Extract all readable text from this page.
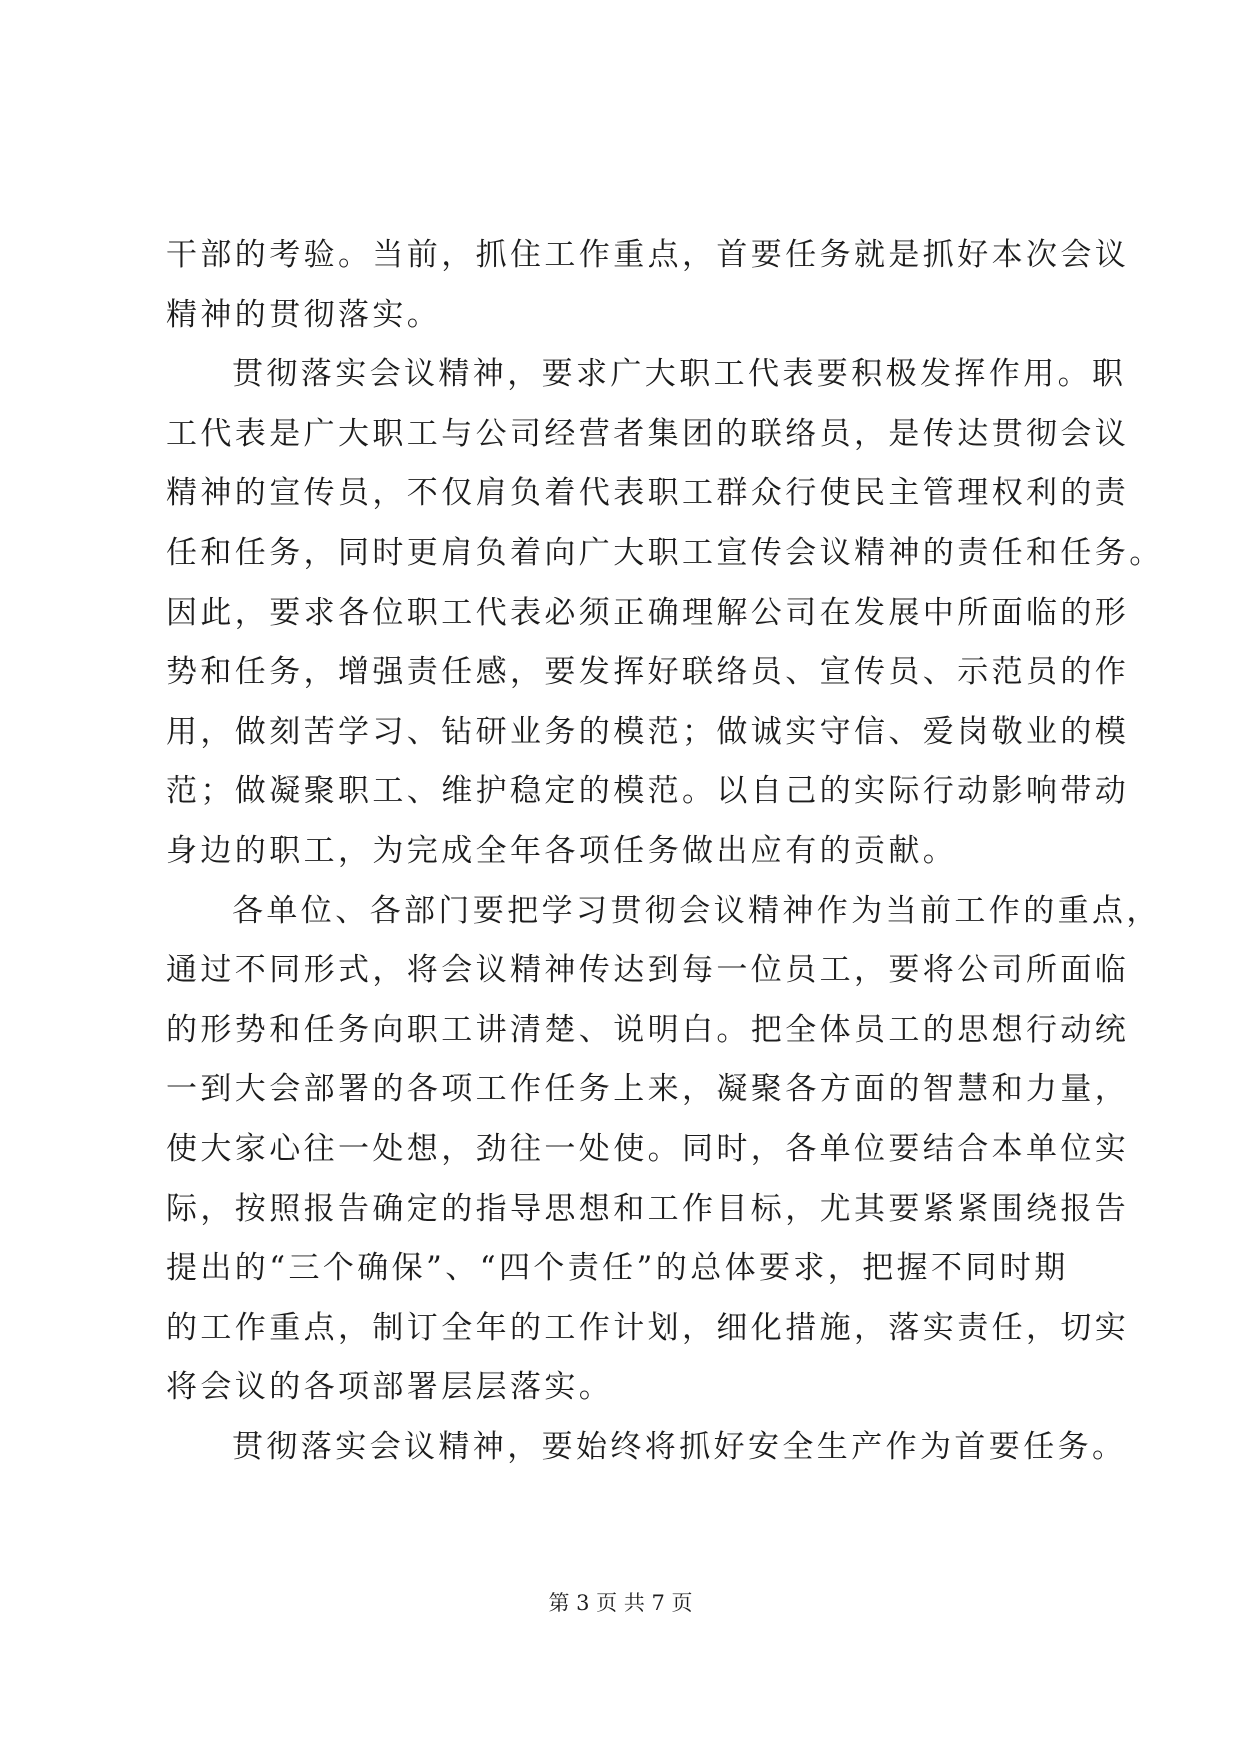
干部的考验。当前，抓住工作重点，首要任务就是抓好本次会议
精神的贯彻落实。
贯彻落实会议精神，要求广大职工代表要积极发挥作用。职
工代表是广大职工与公司经营者集团的联络员，是传达贯彻会议
精神的宣传员，不仅肩负着代表职工群众行使民主管理权利的责
任和任务，同时更肩负着向广大职工宣传会议精神的责任和任务。
因此，要求各位职工代表必须正确理解公司在发展中所面临的形
势和任务，增强责任感，要发挥好联络员、宣传员、示范员的作
用，做刻苦学习、钻研业务的模范；做诚实守信、爱岗敬业的模
范；做凝聚职工、维护稳定的模范。以自己的实际行动影响带动
身边的职工，为完成全年各项任务做出应有的贡献。
各单位、各部门要把学习贯彻会议精神作为当前工作的重点，
通过不同形式，将会议精神传达到每一位员工，要将公司所面临
的形势和任务向职工讲清楚、说明白。把全体员工的思想行动统
一到大会部署的各项工作任务上来，凝聚各方面的智慧和力量，
使大家心往一处想，劲往一处使。同时，各单位要结合本单位实
际，按照报告确定的指导思想和工作目标，尤其要紧紧围绕报告
提出的“三个确保”、“四个责任”的总体要求，把握不同时期
的工作重点，制订全年的工作计划，细化措施，落实责任，切实
将会议的各项部署层层落实。
贯彻落实会议精神，要始终将抓好安全生产作为首要任务。
第 3 页 共 7 页
